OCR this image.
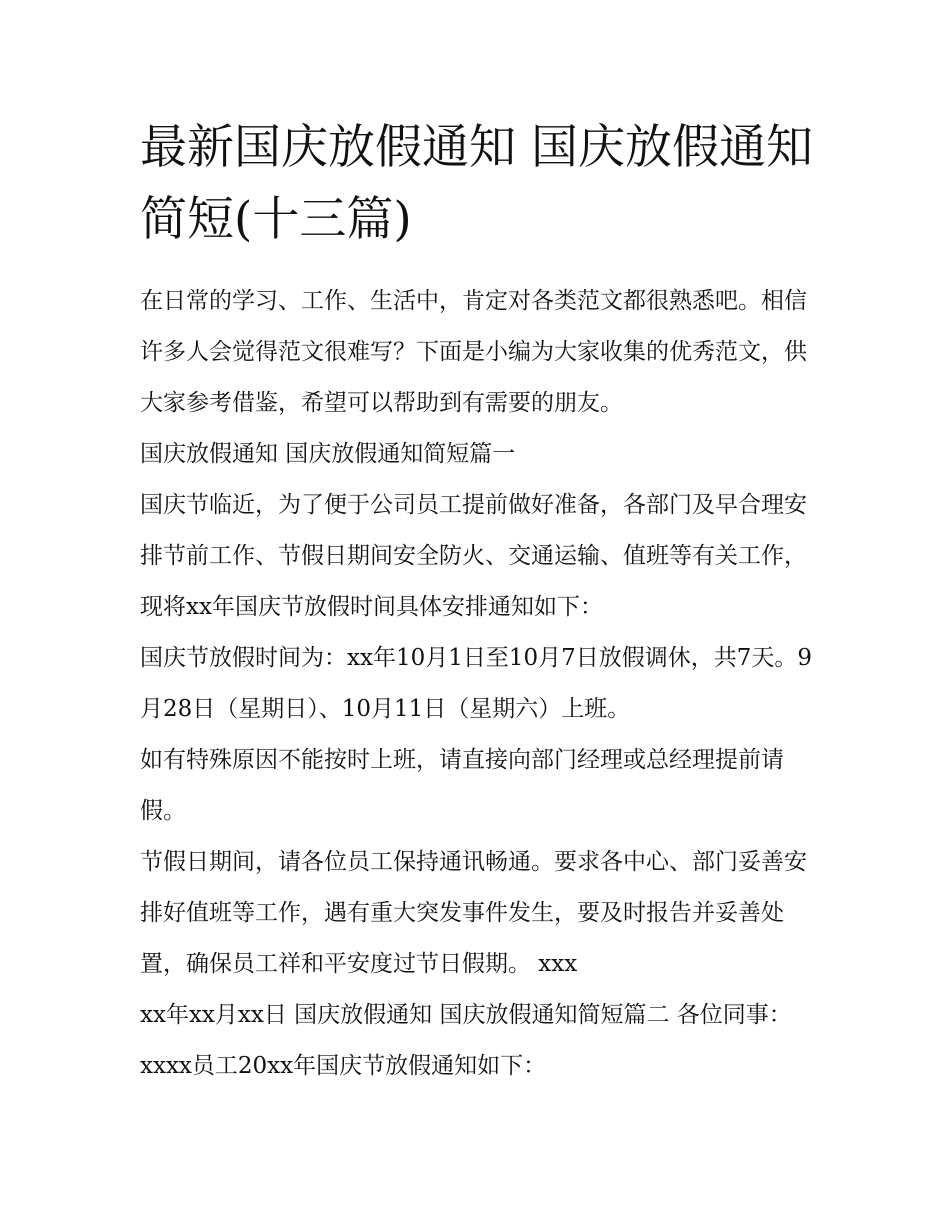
最新国庆放假通知 国庆放假通知简短(十三篇)

在日常的学习、工作、生活中，肯定对各类范文都很熟悉吧。相信许多人会觉得范文很难写？下面是小编为大家收集的优秀范文，供大家参考借鉴，希望可以帮助到有需要的朋友。

国庆放假通知 国庆放假通知简短篇一

国庆节临近，为了便于公司员工提前做好准备，各部门及早合理安排节前工作、节假日期间安全防火、交通运输、值班等有关工作，现将xx年国庆节放假时间具体安排通知如下：

国庆节放假时间为：xx年10月1日至10月7日放假调休，共7天。9月28日（星期日）、10月11日（星期六）上班。

如有特殊原因不能按时上班，请直接向部门经理或总经理提前请假。

节假日期间，请各位员工保持通讯畅通。要求各中心、部门妥善安排好值班等工作，遇有重大突发事件发生，要及时报告并妥善处置，确保员工祥和平安度过节日假期。 xxx

xx年xx月xx日 国庆放假通知 国庆放假通知简短篇二 各位同事： xxxx员工20xx年国庆节放假通知如下：
